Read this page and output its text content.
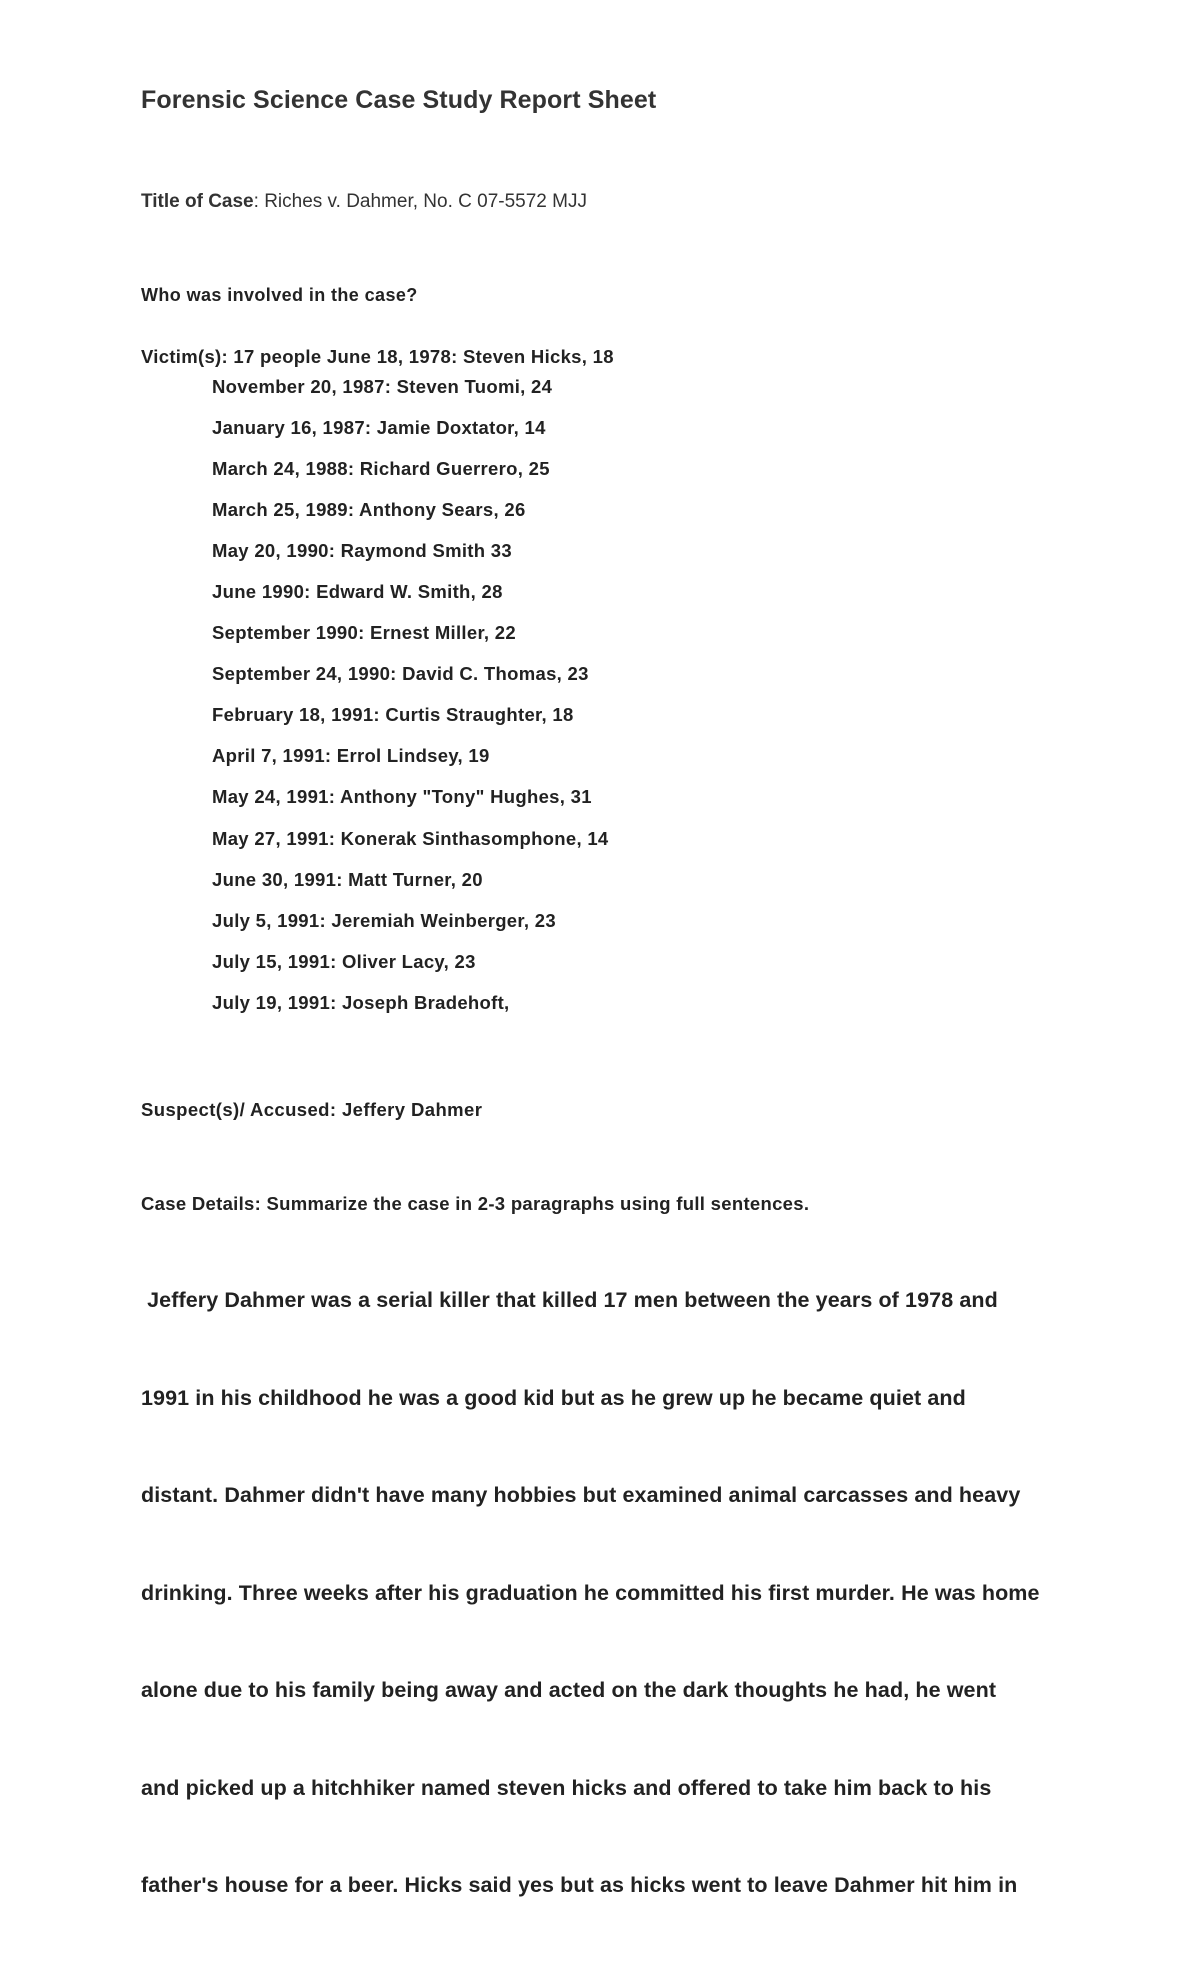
Forensic Science Case Study Report Sheet
Title of Case: Riches v. Dahmer, No. C 07-5572 MJJ
Who was involved in the case?
Victim(s): 17 people June 18, 1978: Steven Hicks, 18
November 20, 1987: Steven Tuomi, 24
January 16, 1987: Jamie Doxtator, 14
March 24, 1988: Richard Guerrero, 25
March 25, 1989: Anthony Sears, 26
May 20, 1990: Raymond Smith 33
June 1990: Edward W. Smith, 28
September 1990: Ernest Miller, 22
September 24, 1990: David C. Thomas, 23
February 18, 1991: Curtis Straughter, 18
April 7, 1991: Errol Lindsey, 19
May 24, 1991: Anthony "Tony" Hughes, 31
May 27, 1991: Konerak Sinthasomphone, 14
June 30, 1991: Matt Turner, 20
July 5, 1991: Jeremiah Weinberger, 23
July 15, 1991: Oliver Lacy, 23
July 19, 1991: Joseph Bradehoft,
Suspect(s)/ Accused: Jeffery Dahmer
Case Details: Summarize the case in 2-3 paragraphs using full sentences.

Jeffery Dahmer was a serial killer that killed 17 men between the years of 1978 and

1991 in his childhood he was a good kid but as he grew up he became quiet and

distant. Dahmer didn't have many hobbies but examined animal carcasses and heavy

drinking. Three weeks after his graduation he committed his first murder. He was home

alone due to his family being away and acted on the dark thoughts he had, he went

and picked up a hitchhiker named steven hicks and offered to take him back to his

father's house for a beer. Hicks said yes but as hicks went to leave Dahmer hit him in
